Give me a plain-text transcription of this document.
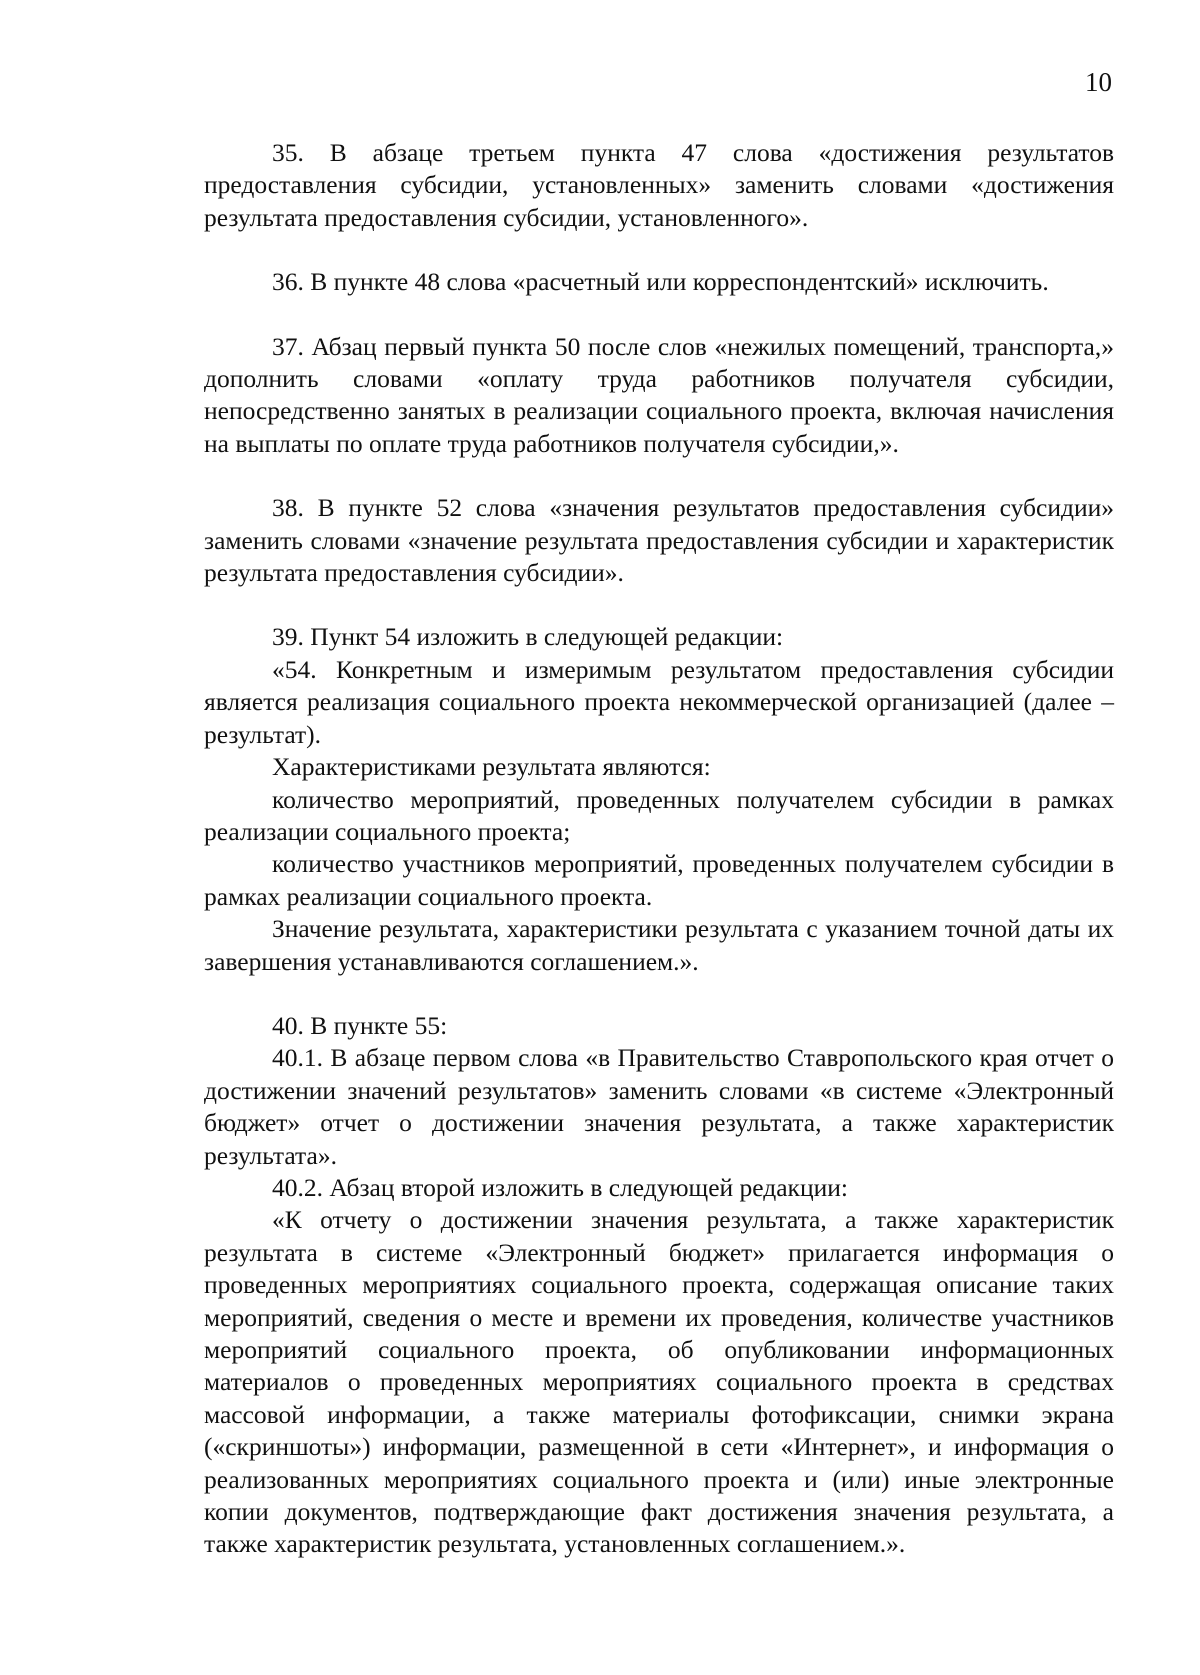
10

35. В абзаце третьем пункта 47 слова «достижения результатов предоставления субсидии, установленных» заменить словами «достижения результата предоставления субсидии, установленного».

36. В пункте 48 слова «расчетный или корреспондентский» исключить.

37. Абзац первый пункта 50 после слов «нежилых помещений, транспорта,» дополнить словами «оплату труда работников получателя субсидии, непосредственно занятых в реализации социального проекта, включая начисления на выплаты по оплате труда работников получателя субсидии,».

38. В пункте 52 слова «значения результатов предоставления субсидии» заменить словами «значение результата предоставления субсидии и характеристик результата предоставления субсидии».

39. Пункт 54 изложить в следующей редакции:

«54. Конкретным и измеримым результатом предоставления субсидии является реализация социального проекта некоммерческой организацией (далее – результат).

Характеристиками результата являются:

количество мероприятий, проведенных получателем субсидии в рамках реализации социального проекта;

количество участников мероприятий, проведенных получателем субсидии в рамках реализации социального проекта.

Значение результата, характеристики результата с указанием точной даты их завершения устанавливаются соглашением.».

40. В пункте 55:

40.1. В абзаце первом слова «в Правительство Ставропольского края отчет о достижении значений результатов» заменить словами «в системе «Электронный бюджет» отчет о достижении значения результата, а также характеристик результата».

40.2. Абзац второй изложить в следующей редакции:

«К отчету о достижении значения результата, а также характеристик результата в системе «Электронный бюджет» прилагается информация о проведенных мероприятиях социального проекта, содержащая описание таких мероприятий, сведения о месте и времени их проведения, количестве участников мероприятий социального проекта, об опубликовании информационных материалов о проведенных мероприятиях социального проекта в средствах массовой информации, а также материалы фотофиксации, снимки экрана («скриншоты») информации, размещенной в сети «Интернет», и информация о реализованных мероприятиях социального проекта и (или) иные электронные копии документов, подтверждающие факт достижения значения результата, а также характеристик результата, установленных соглашением.».
